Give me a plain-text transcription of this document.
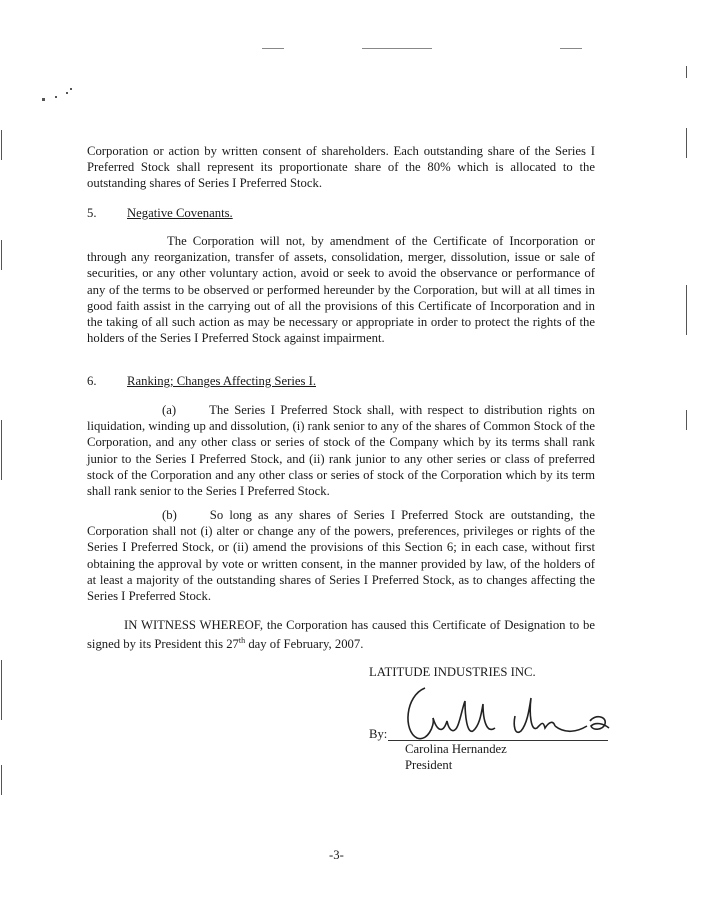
Corporation or action by written consent of shareholders. Each outstanding share of the Series I Preferred Stock shall represent its proportionate share of the 80% which is allocated to the outstanding shares of Series I Preferred Stock.

5. Negative Covenants.

The Corporation will not, by amendment of the Certificate of Incorporation or through any reorganization, transfer of assets, consolidation, merger, dissolution, issue or sale of securities, or any other voluntary action, avoid or seek to avoid the observance or performance of any of the terms to be observed or performed hereunder by the Corporation, but will at all times in good faith assist in the carrying out of all the provisions of this Certificate of Incorporation and in the taking of all such action as may be necessary or appropriate in order to protect the rights of the holders of the Series I Preferred Stock against impairment.

6. Ranking; Changes Affecting Series I.

(a)	The Series I Preferred Stock shall, with respect to distribution rights on liquidation, winding up and dissolution, (i) rank senior to any of the shares of Common Stock of the Corporation, and any other class or series of stock of the Company which by its terms shall rank junior to the Series I Preferred Stock, and (ii) rank junior to any other series or class of preferred stock of the Corporation and any other class or series of stock of the Corporation which by its term shall rank senior to the Series I Preferred Stock.

(b)	So long as any shares of Series I Preferred Stock are outstanding, the Corporation shall not (i) alter or change any of the powers, preferences, privileges or rights of the Series I Preferred Stock, or (ii) amend the provisions of this Section 6; in each case, without first obtaining the approval by vote or written consent, in the manner provided by law, of the holders of at least a majority of the outstanding shares of Series I Preferred Stock, as to changes affecting the Series I Preferred Stock.

IN WITNESS WHEREOF, the Corporation has caused this Certificate of Designation to be signed by its President this 27th day of February, 2007.

LATITUDE INDUSTRIES INC.
By:
Carolina Hernandez
President
-3-
